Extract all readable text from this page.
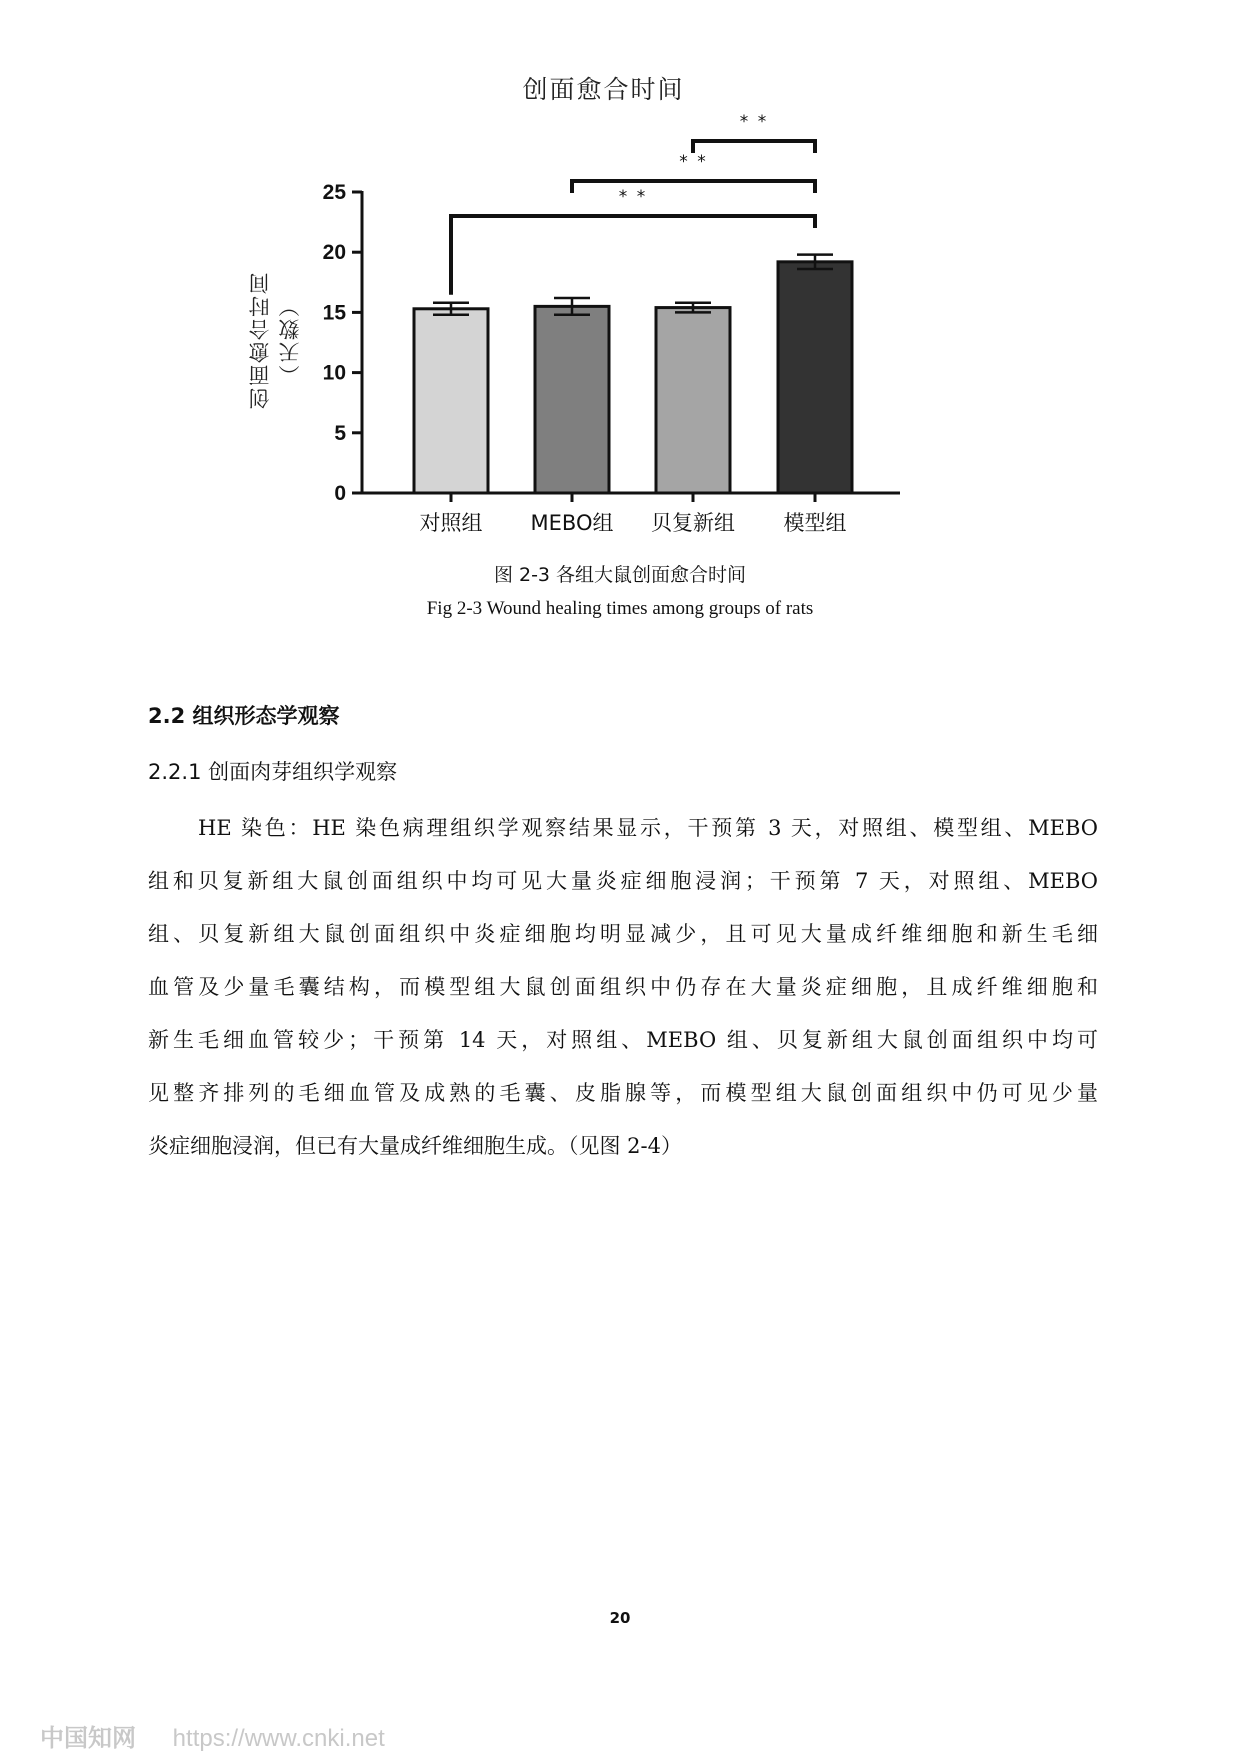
创面愈合时间
0
5
10
15
20
25
对照组 MEBO组 贝复新组 模型组
* *
* *
* *
创面愈合时间 （天数）
图 2-3 各组大鼠创面愈合时间
Fig 2-3 Wound healing times among groups of rats
2.2 组织形态学观察
2.2.1 创面肉芽组织学观察
HE 染色：HE 染色病理组织学观察结果显示，干预第 3 天，对照组、模型组、MEBO
组和贝复新组大鼠创面组织中均可见大量炎症细胞浸润；干预第 7 天，对照组、MEBO
组、贝复新组大鼠创面组织中炎症细胞均明显减少，且可见大量成纤维细胞和新生毛细
血管及少量毛囊结构，而模型组大鼠创面组织中仍存在大量炎症细胞，且成纤维细胞和
新生毛细血管较少；干预第 14 天，对照组、MEBO 组、贝复新组大鼠创面组织中均可
见整齐排列的毛细血管及成熟的毛囊、皮脂腺等，而模型组大鼠创面组织中仍可见少量
炎症细胞浸润，但已有大量成纤维细胞生成。（见图 2-4）
20
中国知网 https://www.cnki.net
